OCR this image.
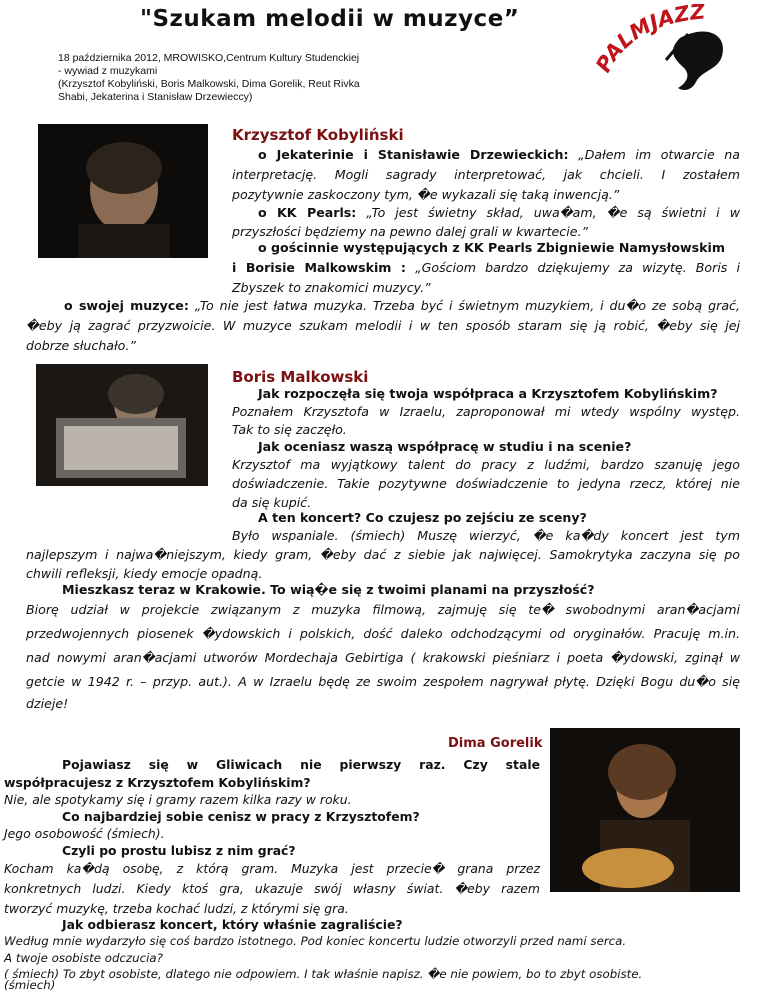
"Szukam melodii w muzyce”
18 października 2012, MROWISKO,Centrum Kultury Studenckiej
- wywiad z muzykami
(Krzysztof Kobyliński, Boris Malkowski, Dima Gorelik, Reut Rivka
Shabi, Jekaterina i Stanisław Drzewieccy)
ALMJAZZ
Krzysztof Kobyliński
o Jekaterinie i Stanisławie Drzewieckich: „Dałem im otwarcie na
interpretację. Mogli sagrady interpretować, jak chcieli. I zostałem
pozytywnie zaskoczony tym, �e wykazali się taką inwencją.”
o KK Pearls: „To jest świetny skład, uwa�am, �e są świetni i w
przyszłości będziemy na pewno dalej grali w kwartecie.”
o gościnnie występujących z KK Pearls Zbigniewie Namysłowskim
i Borisie Malkowskim : „Gościom bardzo dziękujemy za wizytę. Boris i
Zbyszek to znakomici muzycy.”
o swojej muzyce: „To nie jest łatwa muzyka. Trzeba być i świetnym muzykiem, i du�o ze sobą grać,
�eby ją zagrać przyzwoicie. W muzyce szukam melodii i w ten sposób staram się ją robić, �eby się jej
dobrze słuchało.”
Boris Malkowski
Jak rozpoczęła się twoja współpraca a Krzysztofem Kobylińskim?
Poznałem Krzysztofa w Izraelu, zaproponował mi wtedy wspólny występ.
Tak to się zaczęło.
Jak oceniasz waszą współpracę w studiu i na scenie?
Krzysztof ma wyjątkowy talent do pracy z ludźmi, bardzo szanuję jego
doświadczenie. Takie pozytywne doświadczenie to jedyna rzecz, której nie
da się kupić.
A ten koncert? Co czujesz po zejściu ze sceny?
Było wspaniale. (śmiech) Muszę wierzyć, �e ka�dy koncert jest tym
najlepszym i najwa�niejszym, kiedy gram, �eby dać z siebie jak najwięcej. Samokrytyka zaczyna się po
chwili refleksji, kiedy emocje opadną.
Mieszkasz teraz w Krakowie. To wią�e się z twoimi planami na przyszłość?
Biorę udział w projekcie związanym z muzyka filmową, zajmuję się te� swobodnymi aran�acjami
przedwojennych piosenek �ydowskich i polskich, dość daleko odchodzącymi od oryginałów. Pracuję m.in.
nad nowymi aran�acjami utworów Mordechaja Gebirtiga ( krakowski pieśniarz i poeta �ydowski, zginął w
getcie w 1942 r. – przyp. aut.). A w Izraelu będę ze swoim zespołem nagrywał płytę. Dzięki Bogu du�o się
dzieje!
Dima Gorelik
Pojawiasz się w Gliwicach nie pierwszy raz. Czy stale
współpracujesz z Krzysztofem Kobylińskim?
Nie, ale spotykamy się i gramy razem kilka razy w roku.
Co najbardziej sobie cenisz w pracy z Krzysztofem?
Jego osobowość (śmiech).
Czyli po prostu lubisz z nim grać?
Kocham ka�dą osobę, z którą gram. Muzyka jest przecie� grana przez
konkretnych ludzi. Kiedy ktoś gra, ukazuje swój własny świat. �eby razem
tworzyć muzykę, trzeba kochać ludzi, z którymi się gra.
Jak odbierasz koncert, który właśnie zagraliście?
Według mnie wydarzyło się coś bardzo istotnego. Pod koniec koncertu ludzie otworzyli przed nami serca.
A twoje osobiste odczucia?
( śmiech) To zbyt osobiste, dlatego nie odpowiem. I tak właśnie napisz. �e nie powiem, bo to zbyt osobiste.
(śmiech)
